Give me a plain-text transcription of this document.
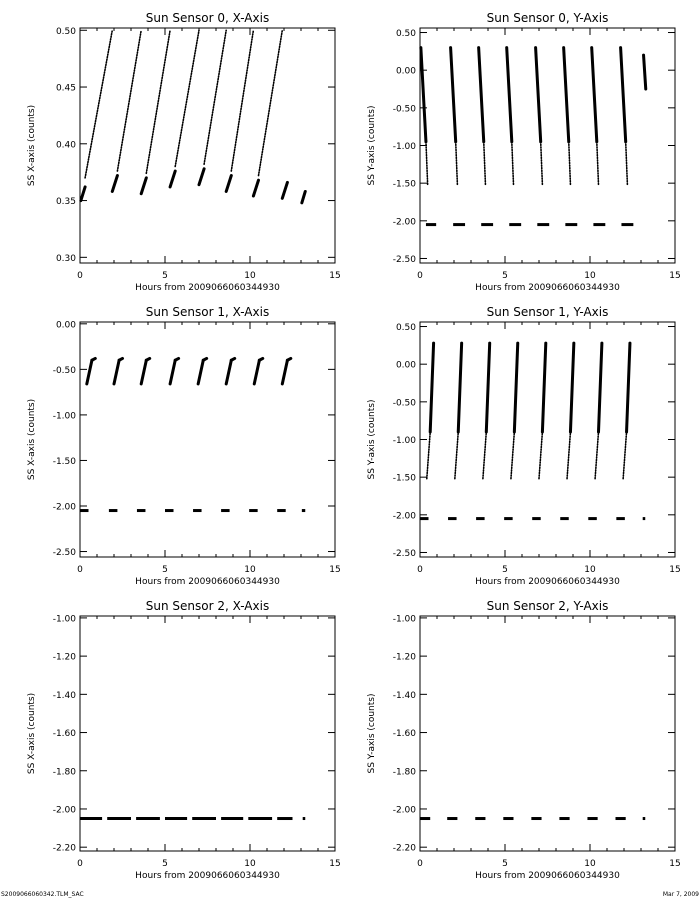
Sun Sensor 0, X-Axis
0	5	10	15
0.30
0.35
0.40
0.45
0.50
Hours from 2009066060344930
SS X-axis (counts)
Sun Sensor 0, Y-Axis
0	5	10	15
0.50
0.00
-0.50
-1.00
-1.50
-2.00
-2.50
Hours from 2009066060344930
SS Y-axis (counts)
Sun Sensor 1, X-Axis
0	5	10	15
0.00
-0.50
-1.00
-1.50
-2.00
-2.50
Hours from 2009066060344930
SS X-axis (counts)
Sun Sensor 1, Y-Axis
0	5	10	15
0.50
0.00
-0.50
-1.00
-1.50
-2.00
-2.50
Hours from 2009066060344930
SS Y-axis (counts)
Sun Sensor 2, X-Axis
0	5	10	15
-1.00
-1.20
-1.40
-1.60
-1.80
-2.00
-2.20
Hours from 2009066060344930
SS X-axis (counts)
Sun Sensor 2, Y-Axis
0	5	10	15
-1.00
-1.20
-1.40
-1.60
-1.80
-2.00
-2.20
Hours from 2009066060344930
SS Y-axis (counts)
S2009066060342.TLM_SAC	Mar 7, 2009
